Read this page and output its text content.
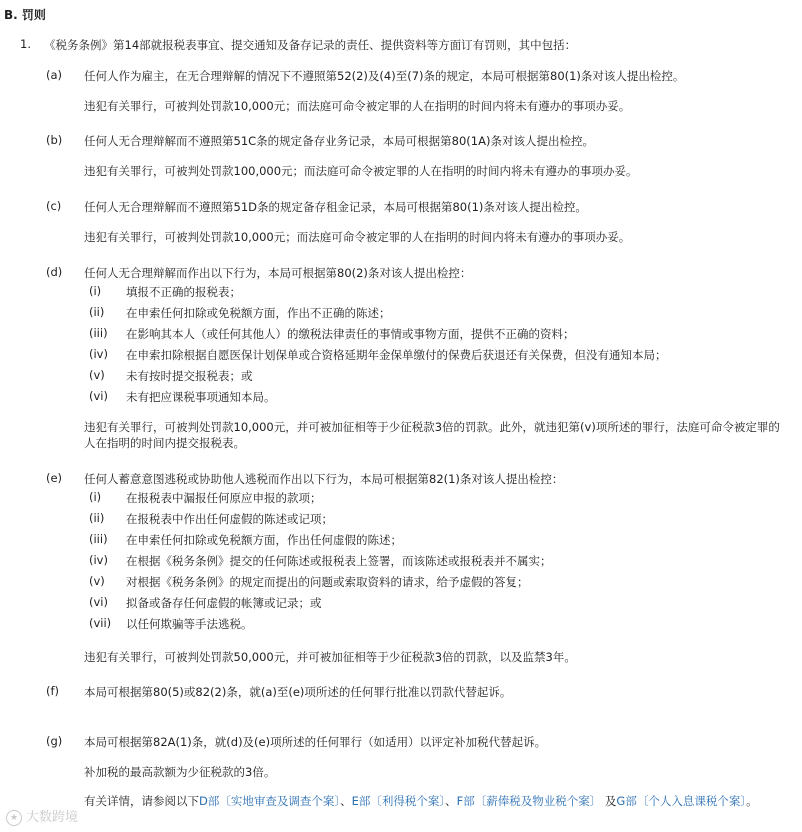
B. 罚则
1. 《税务条例》第14部就报税表事宜、提交通知及备存记录的责任、提供资料等方面订有罚则，其中包括：
(a) 任何人作为雇主，在无合理辩解的情况下不遵照第52(2)及(4)至(7)条的规定，本局可根据第80(1)条对该人提出检控。
违犯有关罪行，可被判处罚款10,000元；而法庭可命令被定罪的人在指明的时间内将未有遵办的事项办妥。
(b) 任何人无合理辩解而不遵照第51C条的规定备存业务记录，本局可根据第80(1A)条对该人提出检控。
违犯有关罪行，可被判处罚款100,000元；而法庭可命令被定罪的人在指明的时间内将未有遵办的事项办妥。
(c) 任何人无合理辩解而不遵照第51D条的规定备存租金记录，本局可根据第80(1)条对该人提出检控。
违犯有关罪行，可被判处罚款10,000元；而法庭可命令被定罪的人在指明的时间内将未有遵办的事项办妥。
(d) 任何人无合理辩解而作出以下行为，本局可根据第80(2)条对该人提出检控：
(i) 填报不正确的报税表；
(ii) 在申索任何扣除或免税额方面，作出不正确的陈述；
(iii) 在影响其本人（或任何其他人）的缴税法律责任的事情或事物方面，提供不正确的资料；
(iv) 在申索扣除根据自愿医保计划保单或合资格延期年金保单缴付的保费后获退还有关保费，但没有通知本局；
(v) 未有按时提交报税表；或
(vi) 未有把应课税事项通知本局。
违犯有关罪行，可被判处罚款10,000元，并可被加征相等于少征税款3倍的罚款。此外，就违犯第(v)项所述的罪行，法庭可命令被定罪的人在指明的时间内提交报税表。
(e) 任何人蓄意意图逃税或协助他人逃税而作出以下行为，本局可根据第82(1)条对该人提出检控：
(i) 在报税表中漏报任何原应申报的款项；
(ii) 在报税表中作出任何虚假的陈述或记项；
(iii) 在申索任何扣除或免税额方面，作出任何虚假的陈述；
(iv) 在根据《税务条例》提交的任何陈述或报税表上签署，而该陈述或报税表并不属实；
(v) 对根据《税务条例》的规定而提出的问题或索取资料的请求，给予虚假的答复；
(vi) 拟备或备存任何虚假的帐簿或记录；或
(vii) 以任何欺骗等手法逃税。
违犯有关罪行，可被判处罚款50,000元，并可被加征相等于少征税款3倍的罚款，以及监禁3年。
(f) 本局可根据第80(5)或82(2)条，就(a)至(e)项所述的任何罪行批准以罚款代替起诉。
(g) 本局可根据第82A(1)条，就(d)及(e)项所述的任何罪行（如适用）以评定补加税代替起诉。
补加税的最高款额为少征税款的3倍。
有关详情，请参阅以下D部〔实地审查及调查个案〕、E部〔利得税个案〕、F部〔薪俸税及物业税个案〕 及G部〔个人入息课税个案〕。
★ 大数跨境
